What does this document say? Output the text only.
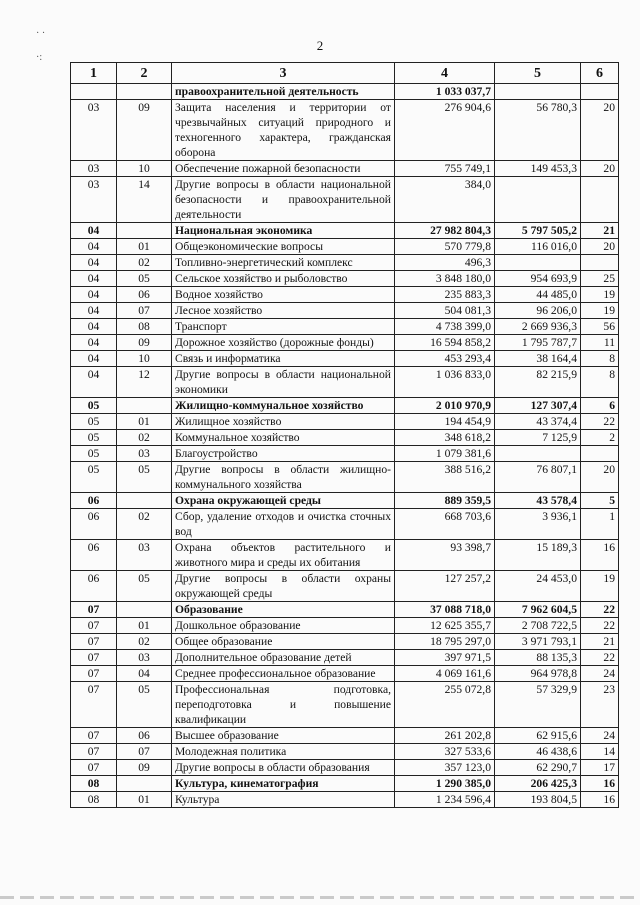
2
· ·
·:
1	2	3	4	5	6
		правоохранительной деятельность	1 033 037,7		
03	09	Защита населения и территории от чрезвычайных ситуаций природного и техногенного характера, гражданская оборона	276 904,6	56 780,3	20
03	10	Обеспечение пожарной безопасности	755 749,1	149 453,3	20
03	14	Другие вопросы в области национальной безопасности и правоохранительной деятельности	384,0		
04		Национальная экономика	27 982 804,3	5 797 505,2	21
04	01	Общеэкономические вопросы	570 779,8	116 016,0	20
04	02	Топливно-энергетический комплекс	496,3		
04	05	Сельское хозяйство и рыболовство	3 848 180,0	954 693,9	25
04	06	Водное хозяйство	235 883,3	44 485,0	19
04	07	Лесное хозяйство	504 081,3	96 206,0	19
04	08	Транспорт	4 738 399,0	2 669 936,3	56
04	09	Дорожное хозяйство (дорожные фонды)	16 594 858,2	1 795 787,7	11
04	10	Связь и информатика	453 293,4	38 164,4	8
04	12	Другие вопросы в области национальной экономики	1 036 833,0	82 215,9	8
05		Жилищно-коммунальное хозяйство	2 010 970,9	127 307,4	6
05	01	Жилищное хозяйство	194 454,9	43 374,4	22
05	02	Коммунальное хозяйство	348 618,2	7 125,9	2
05	03	Благоустройство	1 079 381,6		
05	05	Другие вопросы в области жилищно-коммунального хозяйства	388 516,2	76 807,1	20
06		Охрана окружающей среды	889 359,5	43 578,4	5
06	02	Сбор, удаление отходов и очистка сточных вод	668 703,6	3 936,1	1
06	03	Охрана объектов растительного и животного мира и среды их обитания	93 398,7	15 189,3	16
06	05	Другие вопросы в области охраны окружающей среды	127 257,2	24 453,0	19
07		Образование	37 088 718,0	7 962 604,5	22
07	01	Дошкольное образование	12 625 355,7	2 708 722,5	22
07	02	Общее образование	18 795 297,0	3 971 793,1	21
07	03	Дополнительное образование детей	397 971,5	88 135,3	22
07	04	Среднее профессиональное образование	4 069 161,6	964 978,8	24
07	05	Профессиональная подготовка, переподготовка и повышение квалификации	255 072,8	57 329,9	23
07	06	Высшее образование	261 202,8	62 915,6	24
07	07	Молодежная политика	327 533,6	46 438,6	14
07	09	Другие вопросы в области образования	357 123,0	62 290,7	17
08		Культура, кинематография	1 290 385,0	206 425,3	16
08	01	Культура	1 234 596,4	193 804,5	16
